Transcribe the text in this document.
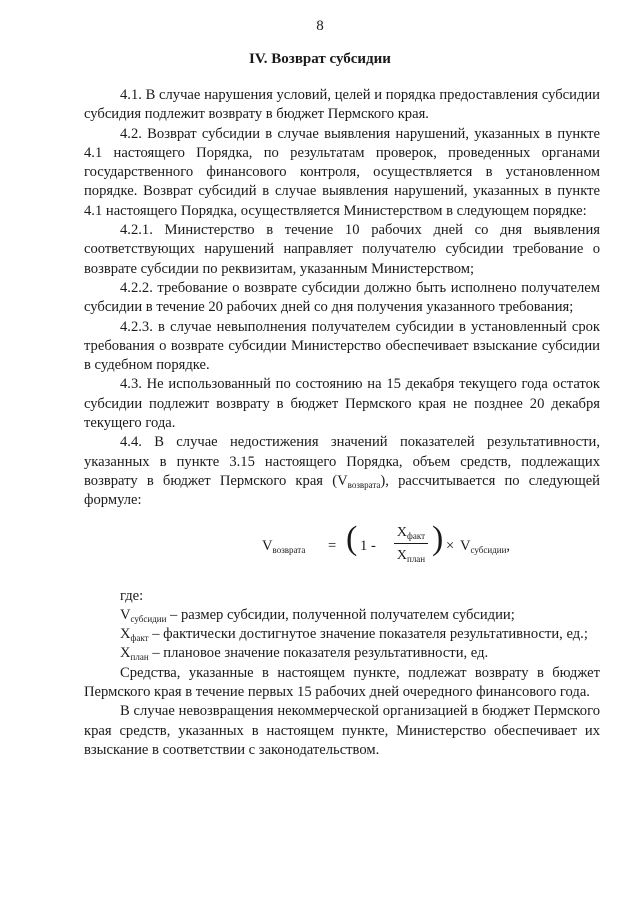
8
IV. Возврат субсидии

4.1. В случае нарушения условий, целей и порядка предоставления субсидии субсидия подлежит возврату в бюджет Пермского края.

4.2. Возврат субсидии в случае выявления нарушений, указанных в пункте 4.1 настоящего Порядка, по результатам проверок, проведенных органами государственного финансового контроля, осуществляется в установленном порядке. Возврат субсидий в случае выявления нарушений, указанных в пункте 4.1 настоящего Порядка, осуществляется Министерством в следующем порядке:

4.2.1. Министерство в течение 10 рабочих дней со дня выявления соответствующих нарушений направляет получателю субсидии требование о возврате субсидии по реквизитам, указанным Министерством;

4.2.2. требование о возврате субсидии должно быть исполнено получателем субсидии в течение 20 рабочих дней со дня получения указанного требования;

4.2.3. в случае невыполнения получателем субсидии в установленный срок требования о возврате субсидии Министерство обеспечивает взыскание субсидии в судебном порядке.

4.3. Не использованный по состоянию на 15 декабря текущего года остаток субсидии подлежит возврату в бюджет Пермского края не позднее 20 декабря текущего года.

4.4. В случае недостижения значений показателей результативности, указанных в пункте 3.15 настоящего Порядка, объем средств, подлежащих возврату в бюджет Пермского края $(V_{возврата})$, рассчитывается по следующей формуле:

$V_{возврата}$ = ( 1 -
$X_{факт}$
$X_{план}$
) × $V_{субсидии}$,

где:

$V_{субсидии}$ – размер субсидии, полученной получателем субсидии;

$X_{факт}$ – фактически достигнутое значение показателя результативности, ед.;

$X_{план}$ – плановое значение показателя результативности, ед.

Средства, указанные в настоящем пункте, подлежат возврату в бюджет Пермского края в течение первых 15 рабочих дней очередного финансового года.

В случае невозвращения некоммерческой организацией в бюджет Пермского края средств, указанных в настоящем пункте, Министерство обеспечивает их взыскание в соответствии с законодательством.
